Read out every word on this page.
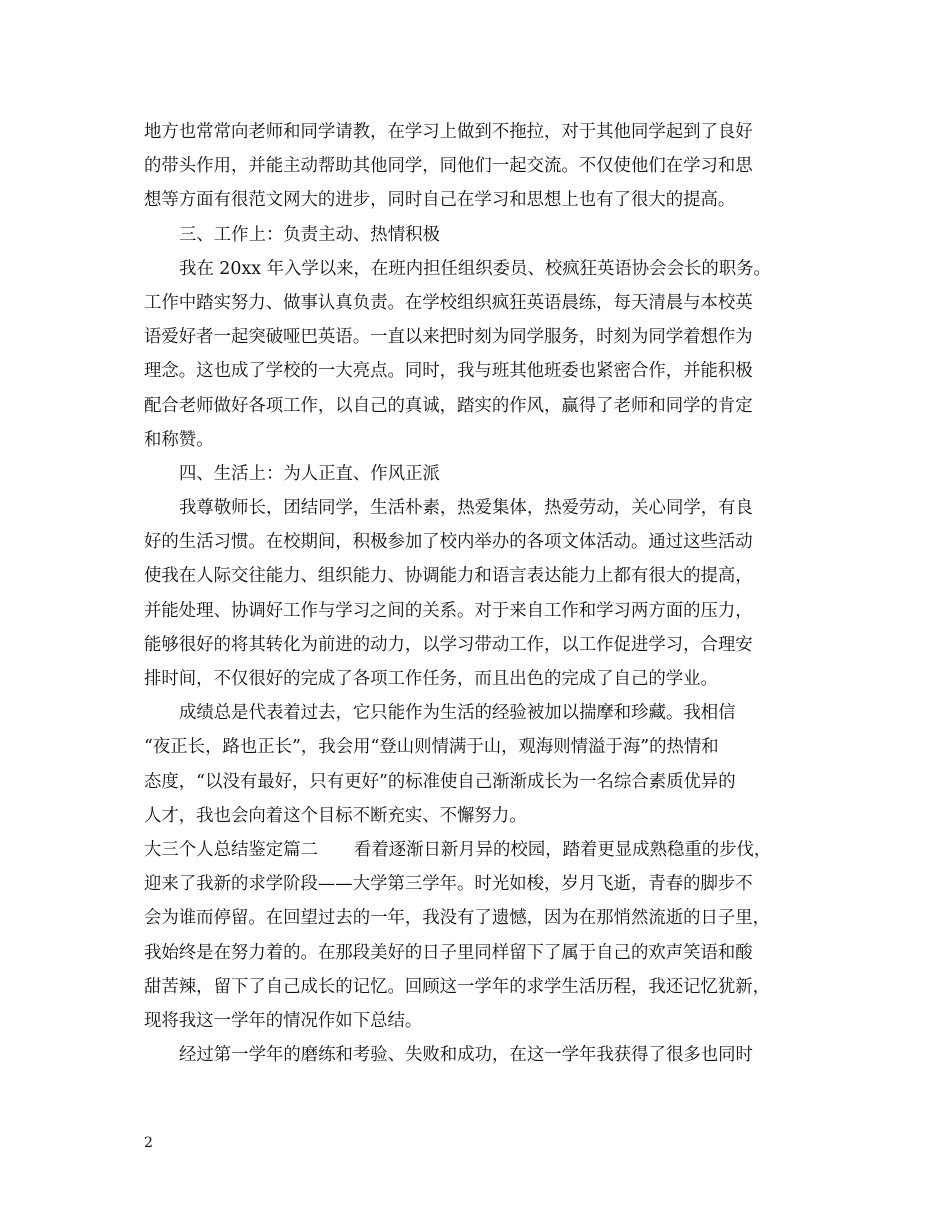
地方也常常向老师和同学请教，在学习上做到不拖拉，对于其他同学起到了良好
的带头作用，并能主动帮助其他同学，同他们一起交流。不仅使他们在学习和思
想等方面有很范文网大的进步，同时自己在学习和思想上也有了很大的提高。
三、工作上：负责主动、热情积极
我在 20xx 年入学以来，在班内担任组织委员、校疯狂英语协会会长的职务。
工作中踏实努力、做事认真负责。在学校组织疯狂英语晨练，每天清晨与本校英
语爱好者一起突破哑巴英语。一直以来把时刻为同学服务，时刻为同学着想作为
理念。这也成了学校的一大亮点。同时，我与班其他班委也紧密合作，并能积极
配合老师做好各项工作，以自己的真诚，踏实的作风，赢得了老师和同学的肯定
和称赞。
四、生活上：为人正直、作风正派
我尊敬师长，团结同学，生活朴素，热爱集体，热爱劳动，关心同学，有良
好的生活习惯。在校期间，积极参加了校内举办的各项文体活动。通过这些活动
使我在人际交往能力、组织能力、协调能力和语言表达能力上都有很大的提高，
并能处理、协调好工作与学习之间的关系。对于来自工作和学习两方面的压力，
能够很好的将其转化为前进的动力，以学习带动工作，以工作促进学习，合理安
排时间，不仅很好的完成了各项工作任务，而且出色的完成了自己的学业。
成绩总是代表着过去，它只能作为生活的经验被加以揣摩和珍藏。我相信
“夜正长，路也正长”，我会用“登山则情满于山，观海则情溢于海”的热情和
态度，“以没有最好，只有更好”的标准使自己渐渐成长为一名综合素质优异的
人才，我也会向着这个目标不断充实、不懈努力。
大三个人总结鉴定篇二 看着逐渐日新月异的校园，踏着更显成熟稳重的步伐，
迎来了我新的求学阶段——大学第三学年。时光如梭，岁月飞逝，青春的脚步不
会为谁而停留。在回望过去的一年，我没有了遗憾，因为在那悄然流逝的日子里，
我始终是在努力着的。在那段美好的日子里同样留下了属于自己的欢声笑语和酸
甜苦辣，留下了自己成长的记忆。回顾这一学年的求学生活历程，我还记忆犹新，
现将我这一学年的情况作如下总结。
经过第一学年的磨练和考验、失败和成功，在这一学年我获得了很多也同时
2
